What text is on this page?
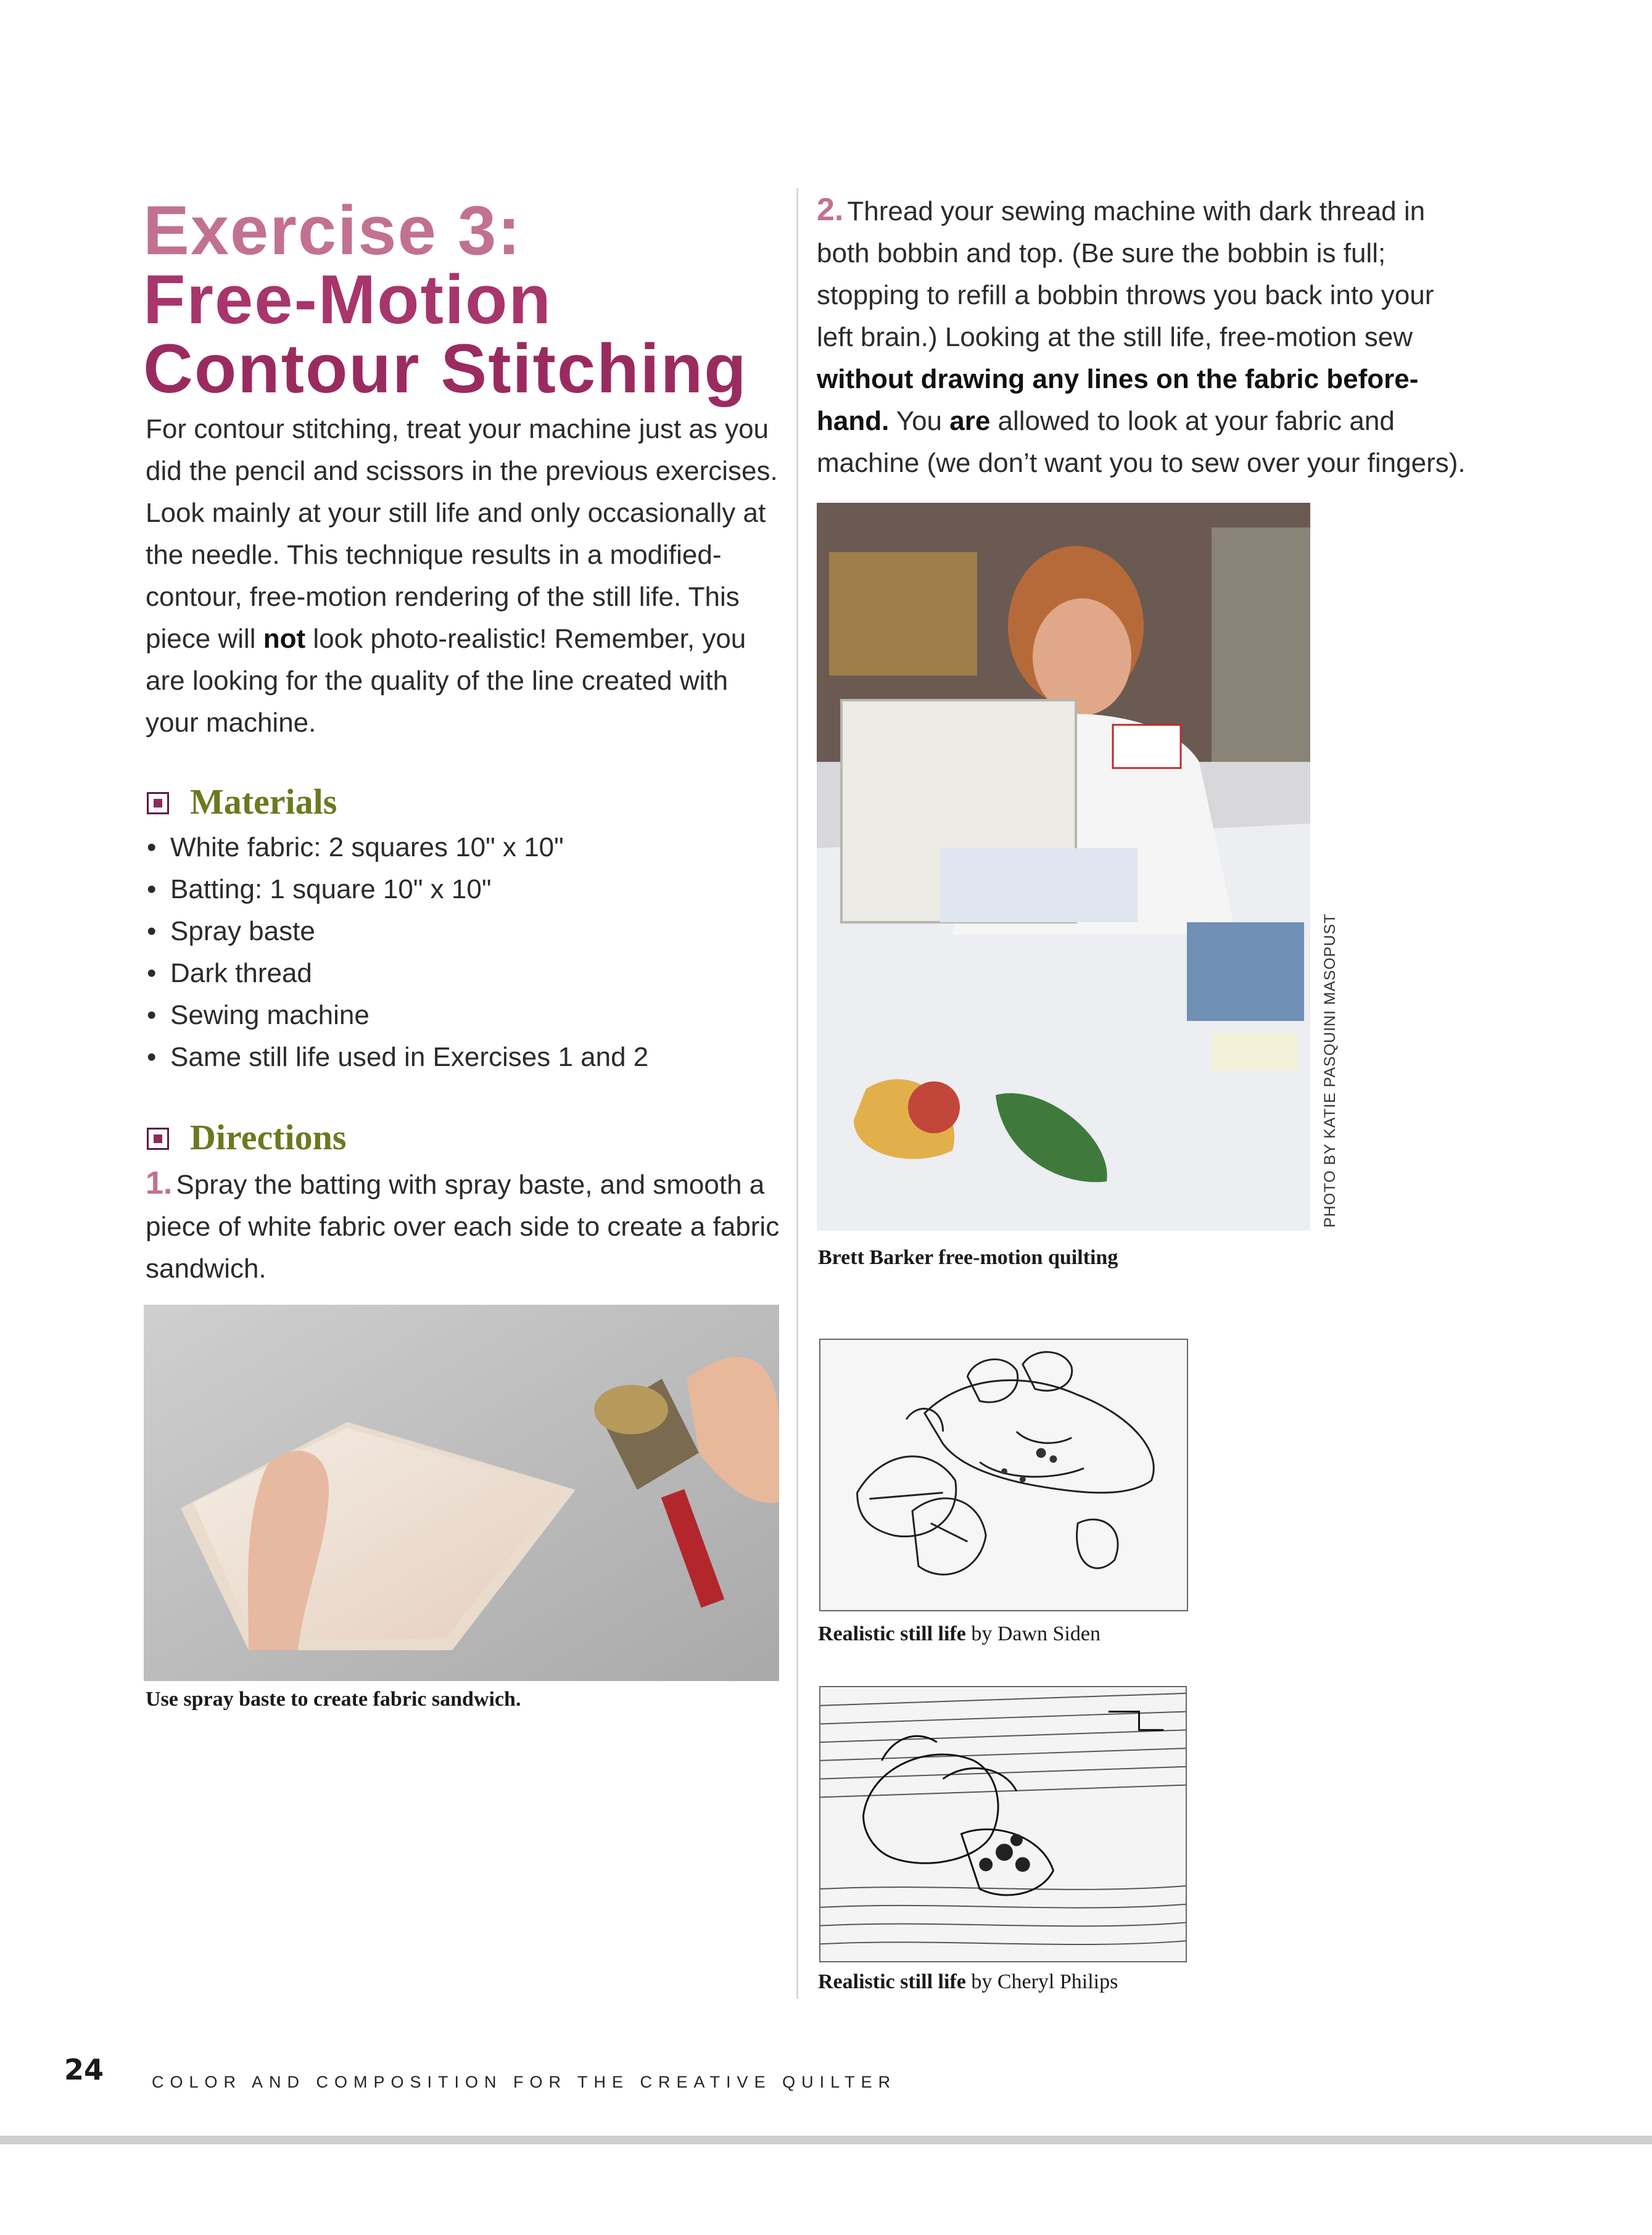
Exercise 3:
Free-Motion
Contour Stitching

For contour stitching, treat your machine just as you did the pencil and scissors in the previous exercises. Look mainly at your still life and only occasionally at the needle. This technique results in a modified-contour, free-motion rendering of the still life. This piece will not look photo-realistic! Remember, you are looking for the quality of the line created with your machine.

Materials
• White fabric: 2 squares 10" x 10"
• Batting: 1 square 10" x 10"
• Spray baste
• Dark thread
• Sewing machine
• Same still life used in Exercises 1 and 2
Directions

1. Spray the batting with spray baste, and smooth a piece of white fabric over each side to create a fabric sandwich.

Use spray baste to create fabric sandwich.

2. Thread your sewing machine with dark thread in both bobbin and top. (Be sure the bobbin is full; stopping to refill a bobbin throws you back into your left brain.) Looking at the still life, free-motion sew without drawing any lines on the fabric before-hand. You are allowed to look at your fabric and machine (we don’t want you to sew over your fingers).

PHOTO BY KATIE PASQUINI MASOPUST
Brett Barker free-motion quilting
Realistic still life by Dawn Siden
Realistic still life by Cheryl Philips
24	COLOR AND COMPOSITION FOR THE CREATIVE QUILTER
